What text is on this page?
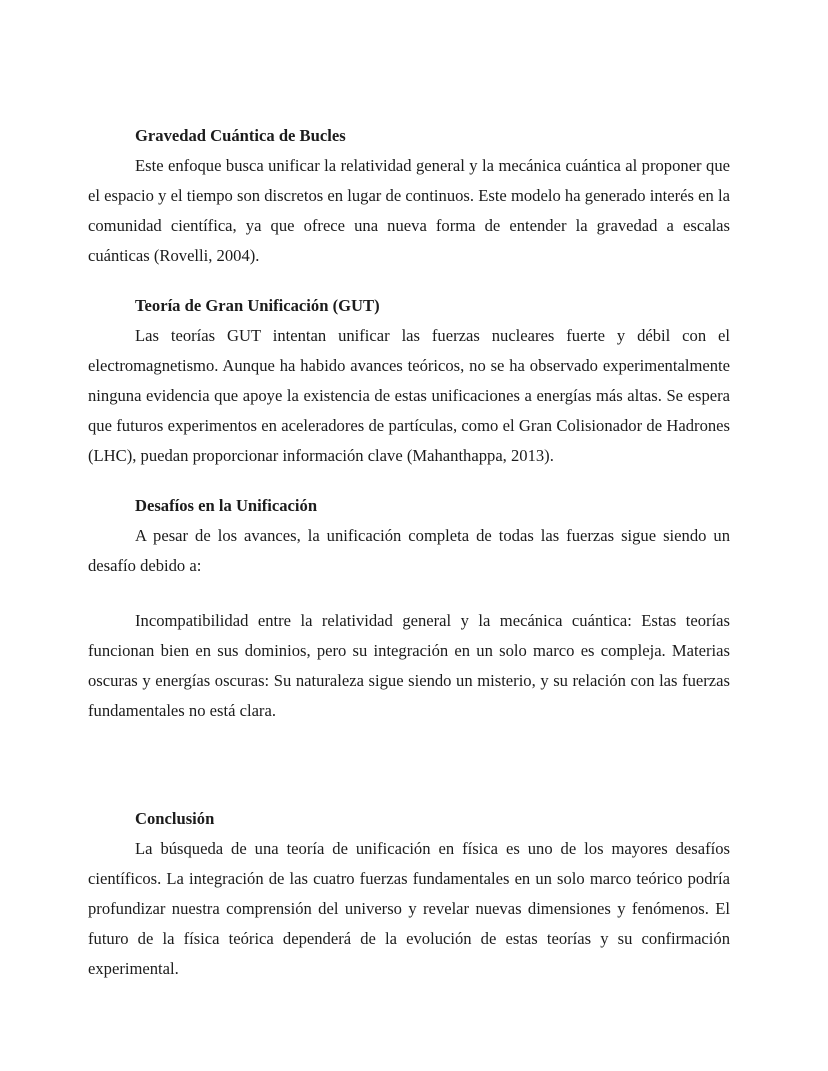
Gravedad Cuántica de Bucles

Este enfoque busca unificar la relatividad general y la mecánica cuántica al proponer que el espacio y el tiempo son discretos en lugar de continuos. Este modelo ha generado interés en la comunidad científica, ya que ofrece una nueva forma de entender la gravedad a escalas cuánticas (Rovelli, 2004).

Teoría de Gran Unificación (GUT)

Las teorías GUT intentan unificar las fuerzas nucleares fuerte y débil con el electromagnetismo. Aunque ha habido avances teóricos, no se ha observado experimentalmente ninguna evidencia que apoye la existencia de estas unificaciones a energías más altas. Se espera que futuros experimentos en aceleradores de partículas, como el Gran Colisionador de Hadrones (LHC), puedan proporcionar información clave (Mahanthappa, 2013).

Desafíos en la Unificación

A pesar de los avances, la unificación completa de todas las fuerzas sigue siendo un desafío debido a:

Incompatibilidad entre la relatividad general y la mecánica cuántica: Estas teorías funcionan bien en sus dominios, pero su integración en un solo marco es compleja. Materias oscuras y energías oscuras: Su naturaleza sigue siendo un misterio, y su relación con las fuerzas fundamentales no está clara.

Conclusión

La búsqueda de una teoría de unificación en física es uno de los mayores desafíos científicos. La integración de las cuatro fuerzas fundamentales en un solo marco teórico podría profundizar nuestra comprensión del universo y revelar nuevas dimensiones y fenómenos. El futuro de la física teórica dependerá de la evolución de estas teorías y su confirmación experimental.
